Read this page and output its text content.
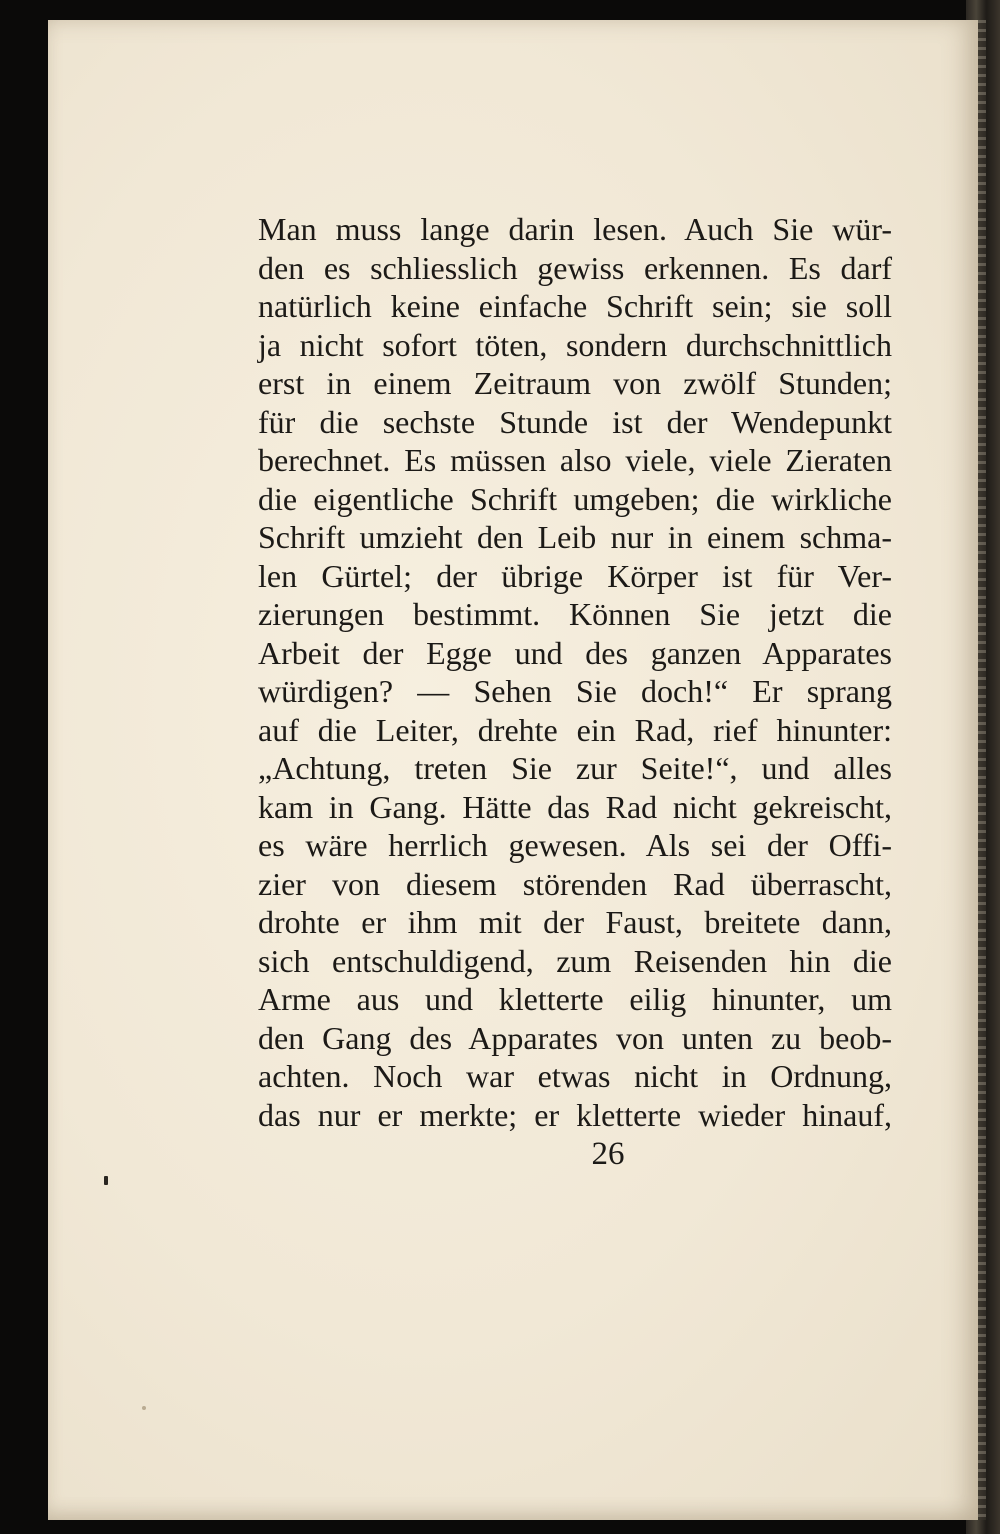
Man muss lange darin lesen. Auch Sie wür-
den es schliesslich gewiss erkennen. Es darf
natürlich keine einfache Schrift sein; sie soll
ja nicht sofort töten, sondern durchschnittlich
erst in einem Zeitraum von zwölf Stunden;
für die sechste Stunde ist der Wendepunkt
berechnet. Es müssen also viele, viele Zieraten
die eigentliche Schrift umgeben; die wirkliche
Schrift umzieht den Leib nur in einem schma-
len Gürtel; der übrige Körper ist für Ver-
zierungen bestimmt. Können Sie jetzt die
Arbeit der Egge und des ganzen Apparates
würdigen? — Sehen Sie doch!“ Er sprang
auf die Leiter, drehte ein Rad, rief hinunter:
„Achtung, treten Sie zur Seite!“, und alles
kam in Gang. Hätte das Rad nicht gekreischt,
es wäre herrlich gewesen. Als sei der Offi-
zier von diesem störenden Rad überrascht,
drohte er ihm mit der Faust, breitete dann,
sich entschuldigend, zum Reisenden hin die
Arme aus und kletterte eilig hinunter, um
den Gang des Apparates von unten zu beob-
achten. Noch war etwas nicht in Ordnung,
das nur er merkte; er kletterte wieder hinauf,

26
